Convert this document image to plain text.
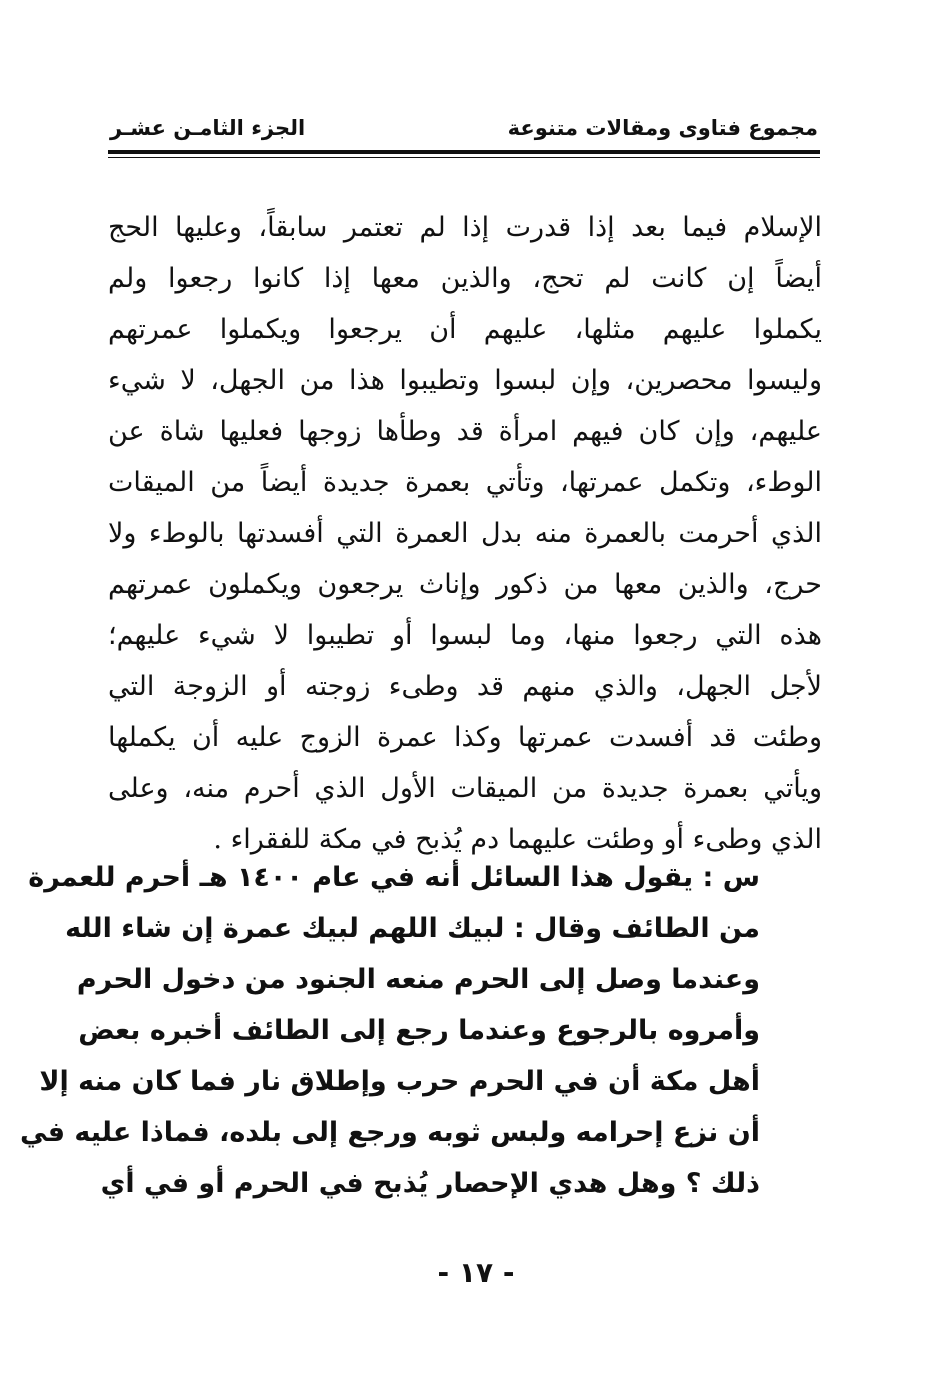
مجموع فتاوى ومقالات متنوعة
الجزء الثامـن عشـر
الإسلام فيما بعد إذا قدرت إذا لم تعتمر سابقاً، وعليها الحج
أيضاً إن كانت لم تحج، والذين معها إذا كانوا رجعوا ولم
يكملوا عليهم مثلها، عليهم أن يرجعوا ويكملوا عمرتهم
وليسوا محصرين، وإن لبسوا وتطيبوا هذا من الجهل، لا شيء
عليهم، وإن كان فيهم امرأة قد وطأها زوجها فعليها شاة عن
الوطء، وتكمل عمرتها، وتأتي بعمرة جديدة أيضاً من الميقات
الذي أحرمت بالعمرة منه بدل العمرة التي أفسدتها بالوطء ولا
حرج، والذين معها من ذكور وإناث يرجعون ويكملون عمرتهم
هذه التي رجعوا منها، وما لبسوا أو تطيبوا لا شيء عليهم؛
لأجل الجهل، والذي منهم قد وطىء زوجته أو الزوجة التي
وطئت قد أفسدت عمرتها وكذا عمرة الزوج عليه أن يكملها
ويأتي بعمرة جديدة من الميقات الأول الذي أحرم منه، وعلى
الذي وطىء أو وطئت عليهما دم يُذبح في مكة للفقراء .
س : يقول هذا السائل أنه في عام ١٤٠٠ هـ أحرم للعمرة
من الطائف وقال : لبيك اللهم لبيك عمرة إن شاء الله
وعندما وصل إلى الحرم منعه الجنود من دخول الحرم
وأمروه بالرجوع وعندما رجع إلى الطائف أخبره بعض
أهل مكة أن في الحرم حرب وإطلاق نار فما كان منه إلا
أن نزع إحرامه ولبس ثوبه ورجع إلى بلده، فماذا عليه في
ذلك ؟ وهل هدي الإحصار يُذبح في الحرم أو في أي
- ١٧ -
